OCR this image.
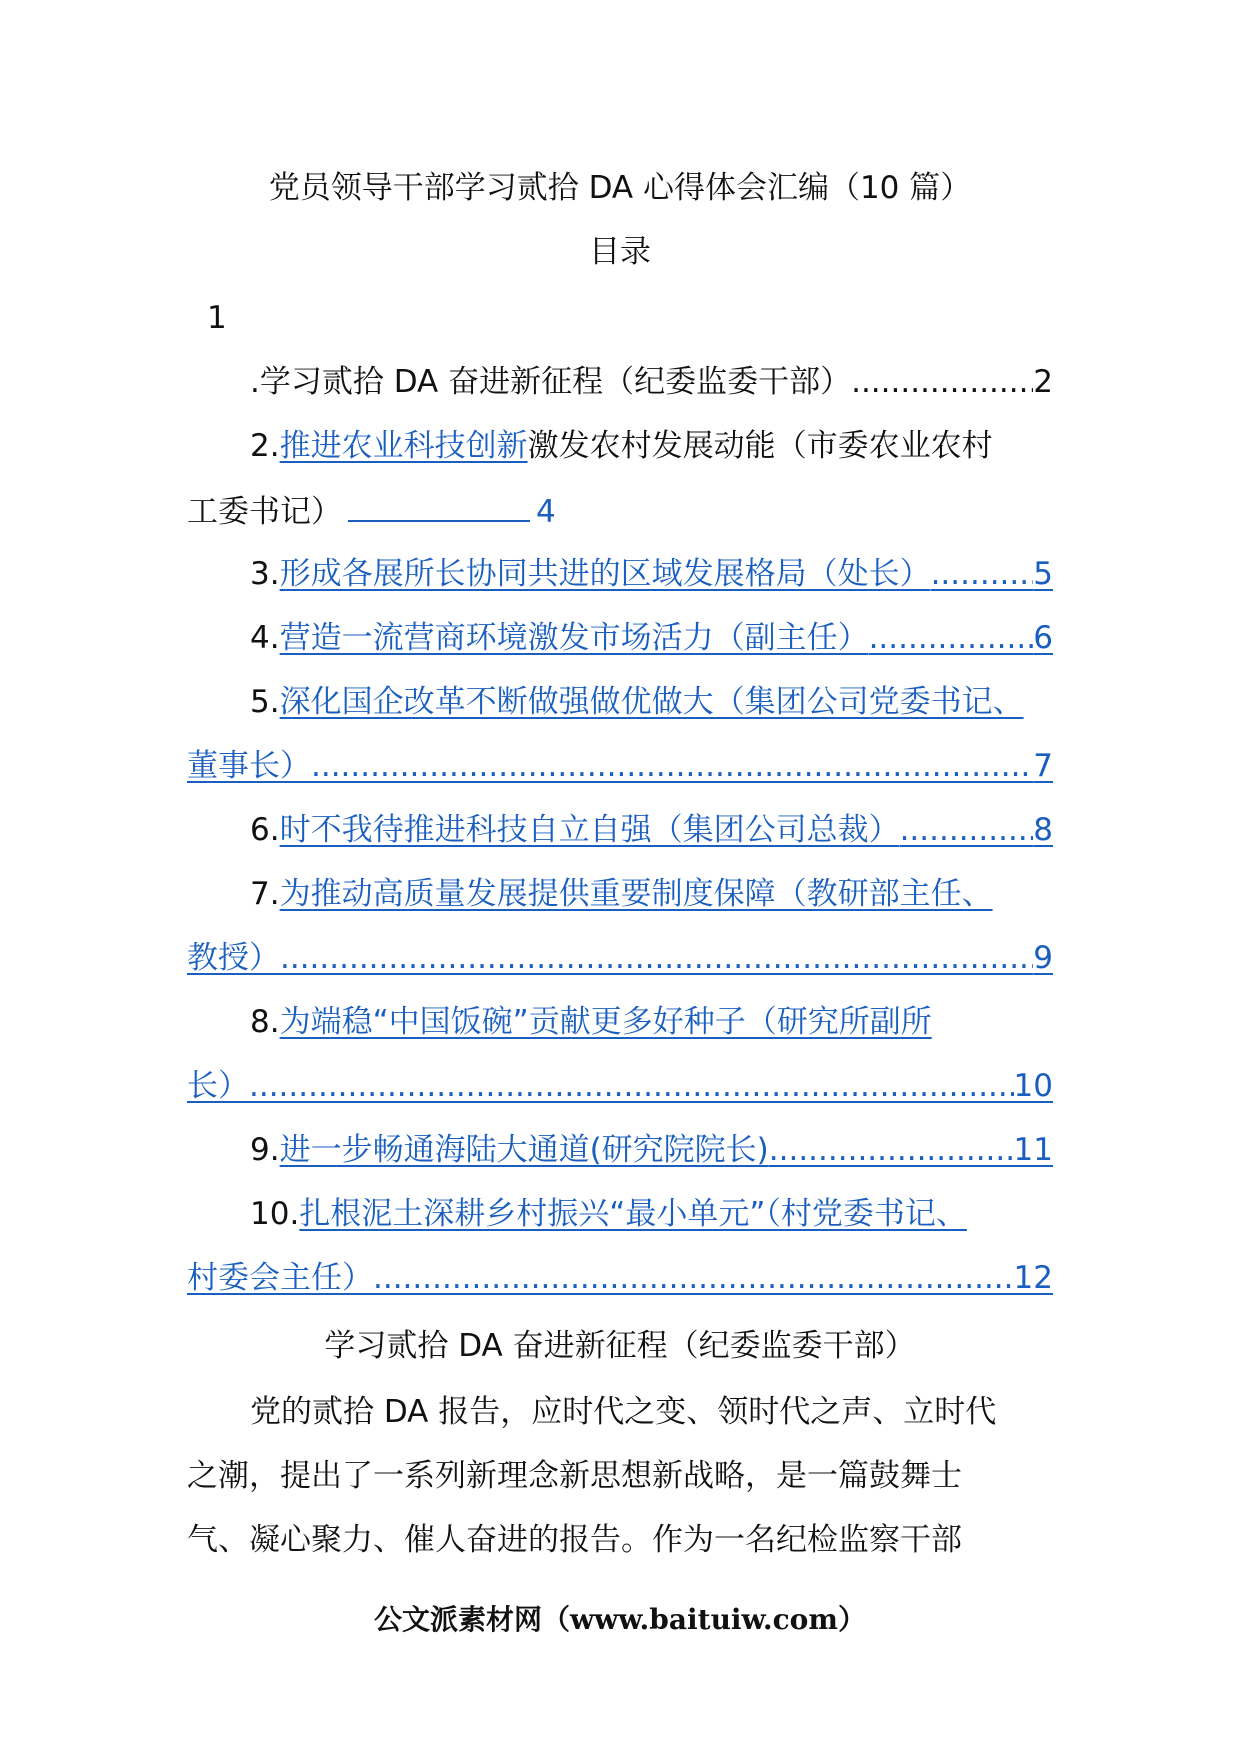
党员领导干部学习贰拾 DA 心得体会汇编（10 篇）
目录
1
.学习贰拾 DA 奋进新征程（纪委监委干部） .....	2
2.推进农业科技创新激发农村发展动能（市委农业农村
工委书记）	4
3. 形成各展所长协同共进的区域发展格局（处长） .....	5
4. 营造一流营商环境激发市场活力（副主任） .....	6
5.深化国企改革不断做强做优做大（集团公司党委书记、
董事长） .....	7
6. 时不我待推进科技自立自强（集团公司总裁） .....	8
7.为推动高质量发展提供重要制度保障（教研部主任、
教授） .....	9
8.为端稳“中国饭碗”贡献更多好种子（研究所副所
长） .....	10
9. 进一步畅通海陆大通道(研究院院长) .....	11
10.扎根泥土深耕乡村振兴“最小单元”（村党委书记、
村委会主任） .....	12
学习贰拾 DA 奋进新征程（纪委监委干部）
党的贰拾 DA 报告，应时代之变、领时代之声、立时代
之潮，提出了一系列新理念新思想新战略，是一篇鼓舞士
气、凝心聚力、催人奋进的报告。作为一名纪检监察干部
公文派素材网（www.baituiw.com）
